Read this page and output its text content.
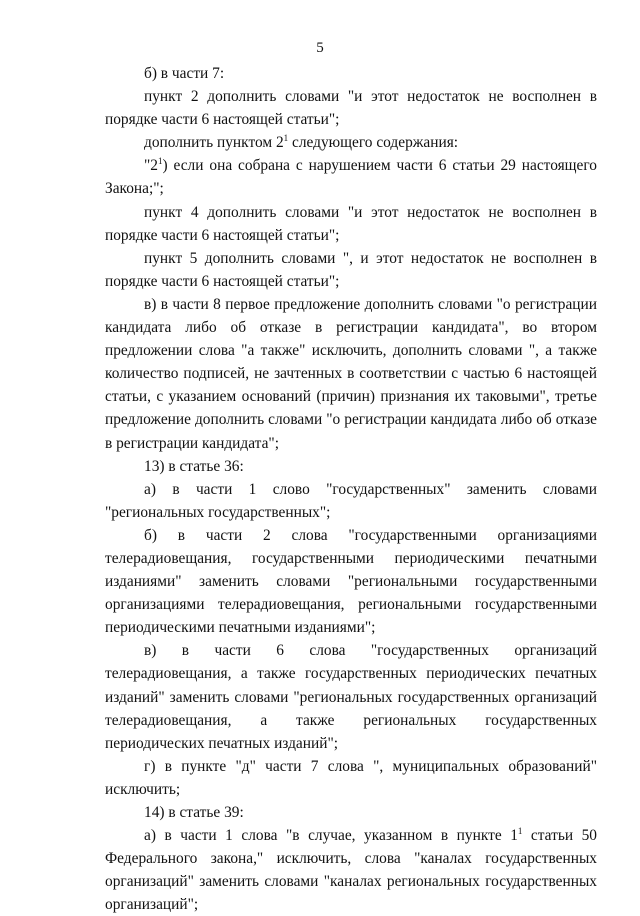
5

б) в части 7:

пункт 2 дополнить словами "и этот недостаток не восполнен в порядке части 6 настоящей статьи";

дополнить пунктом $2^1$ следующего содержания:

"$2^1$) если она собрана с нарушением части 6 статьи 29 настоящего Закона;";

пункт 4 дополнить словами "и этот недостаток не восполнен в порядке части 6 настоящей статьи";

пункт 5 дополнить словами ", и этот недостаток не восполнен в порядке части 6 настоящей статьи";

в) в части 8 первое предложение дополнить словами "о регистрации кандидата либо об отказе в регистрации кандидата", во втором предложении слова "а также" исключить, дополнить словами ", а также количество подписей, не зачтенных в соответствии с частью 6 настоящей статьи, с указанием оснований (причин) признания их таковыми", третье предложение дополнить словами "о регистрации кандидата либо об отказе в регистрации кандидата";

13) в статье 36:

а) в части 1 слово "государственных" заменить словами "региональных государственных";

б) в части 2 слова "государственными организациями телерадиовещания, государственными периодическими печатными изданиями" заменить словами "региональными государственными организациями телерадиовещания, региональными государственными периодическими печатными изданиями";

в) в части 6 слова "государственных организаций телерадиовещания, а также государственных периодических печатных изданий" заменить словами "региональных государственных организаций телерадиовещания, а также региональных государственных периодических печатных изданий";

г) в пункте "д" части 7 слова ", муниципальных образований" исключить;

14) в статье 39:

а) в части 1 слова "в случае, указанном в пункте $1^1$ статьи 50 Федерального закона," исключить, слова "каналах государственных организаций" заменить словами "каналах региональных государственных организаций";
